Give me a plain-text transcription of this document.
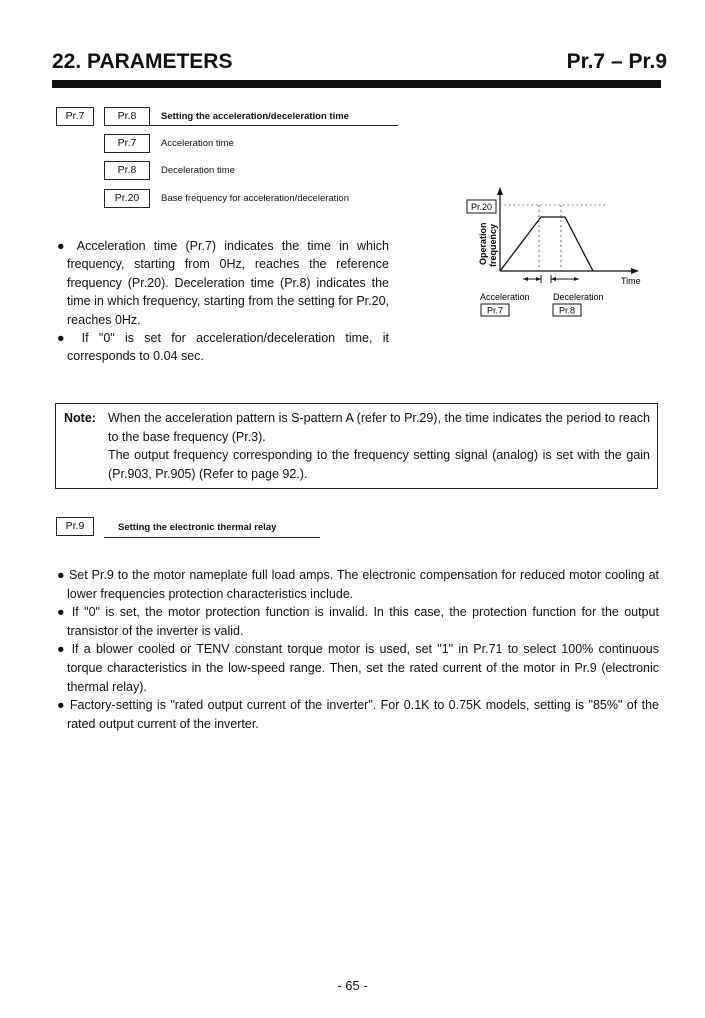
22. PARAMETERS	Pr.7 – Pr.9
Pr.7	Pr.8	Setting the acceleration/deceleration time
Pr.7	Acceleration time
Pr.8	Deceleration time
Pr.20	Base frequency for acceleration/deceleration

● Acceleration time (Pr.7) indicates the time in which frequency, starting from 0Hz, reaches the reference frequency (Pr.20). Deceleration time (Pr.8) indicates the time in which frequency, starting from the setting for Pr.20, reaches 0Hz.

● If "0" is set for acceleration/deceleration time, it corresponds to 0.04 sec.

Pr.20
Operation frequency
Time
Acceleration	Deceleration
Pr.7	Pr.8
Note: When the acceleration pattern is S-pattern A (refer to Pr.29), the time indicates the period to reach to the base frequency (Pr.3).
The output frequency corresponding to the frequency setting signal (analog) is set with the gain (Pr.903, Pr.905) (Refer to page 92.).
Pr.9	Setting the electronic thermal relay

● Set Pr.9 to the motor nameplate full load amps. The electronic compensation for reduced motor cooling at lower frequencies protection characteristics include.

● If "0" is set, the motor protection function is invalid. In this case, the protection function for the output transistor of the inverter is valid.

● If a blower cooled or TENV constant torque motor is used, set "1" in Pr.71 to select 100% continuous torque characteristics in the low-speed range. Then, set the rated current of the motor in Pr.9 (electronic thermal relay).

● Factory-setting is "rated output current of the inverter". For 0.1K to 0.75K models, setting is "85%" of the rated output current of the inverter.

- 65 -
